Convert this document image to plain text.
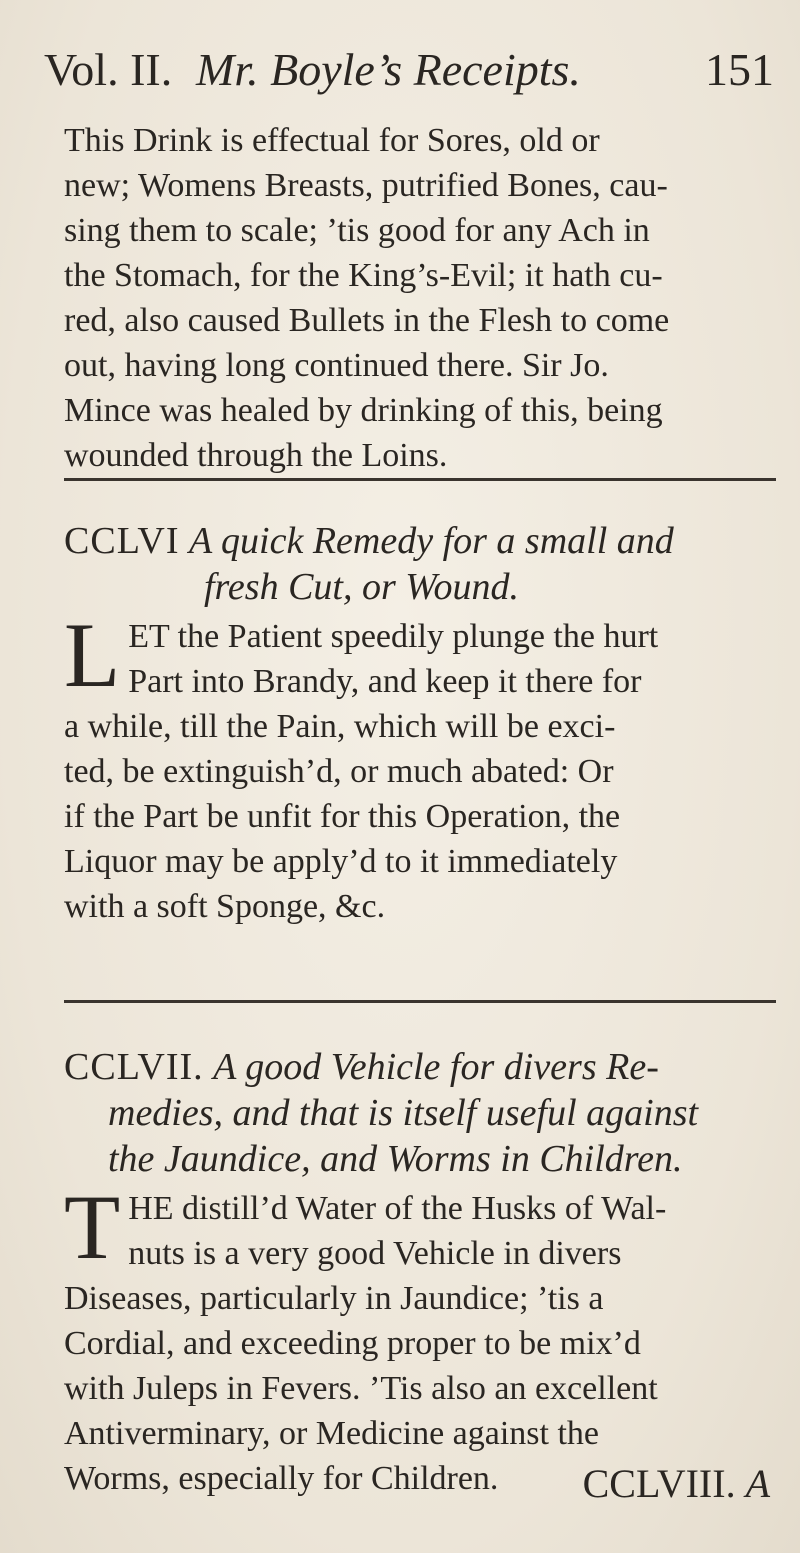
Vol. II. Mr. Boyle’s Receipts.	151
This Drink is effectual for Sores, old or
new; Womens Breasts, putrified Bones, cau-
sing them to scale; ’tis good for any Ach in
the Stomach, for the King’s-Evil; it hath cu-
red, also caused Bullets in the Flesh to come
out, having long continued there. Sir Jo.
Mince was healed by drinking of this, being
wounded through the Loins.
CCLVI A quick Remedy for a small and
fresh Cut, or Wound.
L ET the Patient speedily plunge the hurt
Part into Brandy, and keep it there for
a while, till the Pain, which will be exci-
ted, be extinguish’d, or much abated: Or
if the Part be unfit for this Operation, the
Liquor may be apply’d to it immediately
with a soft Sponge, &c.
CCLVII. A good Vehicle for divers Re-
medies, and that is itself useful against
the Jaundice, and Worms in Children.
T HE distill’d Water of the Husks of Wal-
nuts is a very good Vehicle in divers
Diseases, particularly in Jaundice; ’tis a
Cordial, and exceeding proper to be mix’d
with Juleps in Fevers. ’Tis also an excellent
Antiverminary, or Medicine against the
Worms, especially for Children.	CCLVIII. A
